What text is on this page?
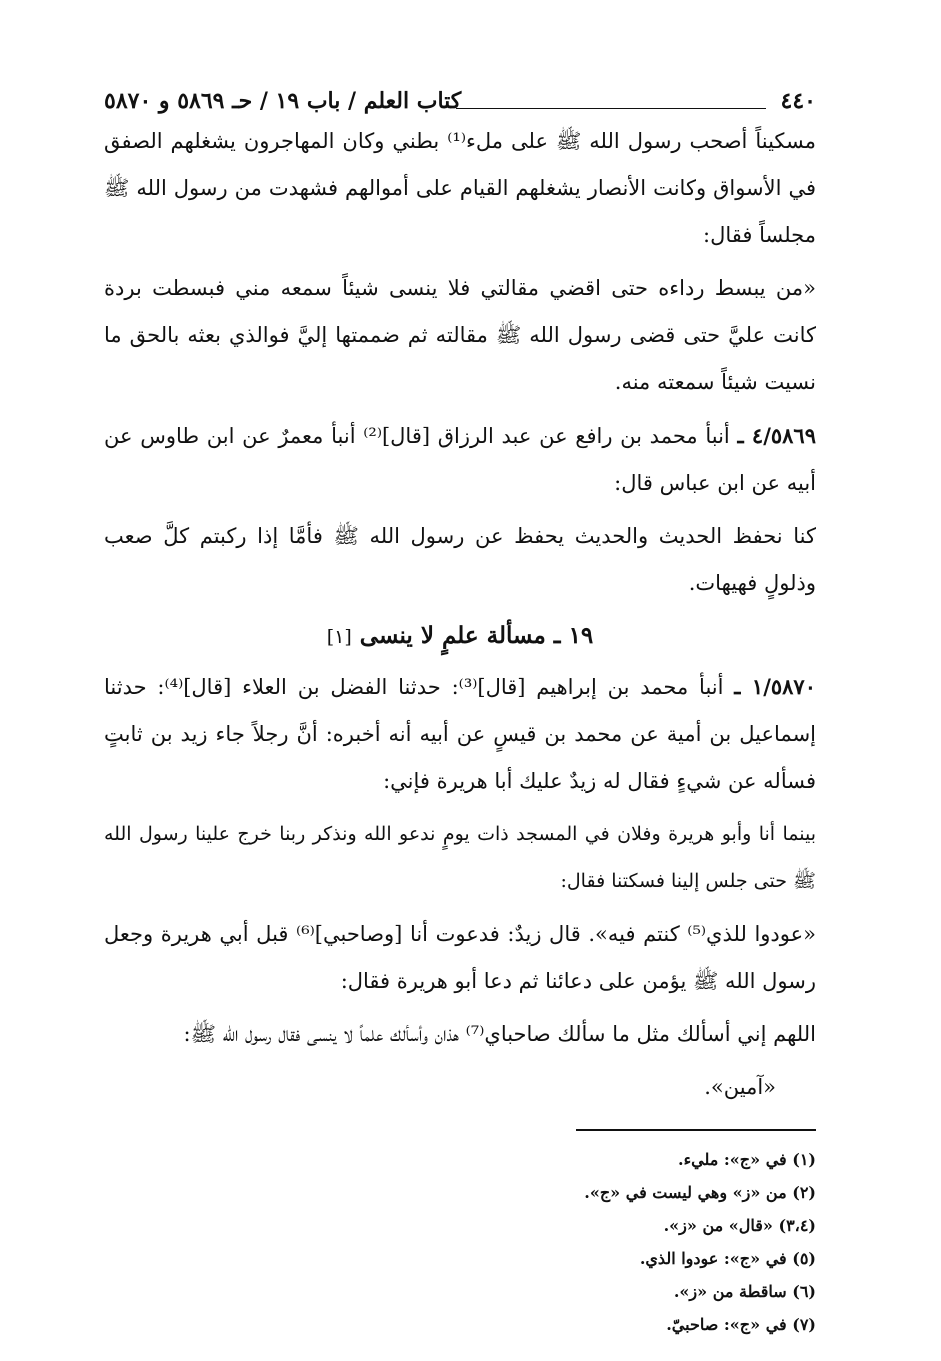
٤٤٠
كتاب العلم / باب ١٩ / حـ ٥٨٦٩ و ٥٨٧٠

مسكيناً أصحب رسول الله ﷺ على ملء⁽¹⁾ بطني وكان المهاجرون يشغلهم الصفق في الأسواق وكانت الأنصار يشغلهم القيام على أموالهم فشهدت من رسول الله ﷺ مجلساً فقال:

«من يبسط رداءه حتى اقضي مقالتي فلا ينسى شيئاً سمعه مني فبسطت بردة كانت عليَّ حتى قضى رسول الله ﷺ مقالته ثم ضممتها إليَّ فوالذي بعثه بالحق ما نسيت شيئاً سمعته منه.

٤/٥٨٦٩ ـ أنبأ محمد بن رافع عن عبد الرزاق [قال]⁽²⁾ أنبأ معمرٌ عن ابن طاوس عن أبيه عن ابن عباس قال:

كنا نحفظ الحديث والحديث يحفظ عن رسول الله ﷺ فأمَّا إذا ركبتم كلَّ صعب وذلولٍ فهيهات.

١٩ ـ مسألة علمٍ لا ينسى [١]

١/٥٨٧٠ ـ أنبأ محمد بن إبراهيم [قال]⁽³⁾: حدثنا الفضل بن العلاء [قال]⁽⁴⁾: حدثنا إسماعيل بن أمية عن محمد بن قيسٍ عن أبيه أنه أخبره: أنَّ رجلاً جاء زيد بن ثابتٍ فسأله عن شيءٍ فقال له زيدٌ عليك أبا هريرة فإني:

بينما أنا وأبو هريرة وفلان في المسجد ذات يومٍ ندعو الله ونذكر ربنا خرج علينا رسول الله ﷺ حتى جلس إلينا فسكتنا فقال:

«عودوا للذي⁽⁵⁾ كنتم فيه». قال زيدٌ: فدعوت أنا [وصاحبي]⁽⁶⁾ قبل أبي هريرة وجعل رسول الله ﷺ يؤمن على دعائنا ثم دعا أبو هريرة فقال:

اللهم إني أسألك مثل ما سألك صاحباي⁽⁷⁾ هذان وأسألك علماً لا ينسى فقال رسول الله ﷺ:

«آمين».

(١) في «ج»: مليء.
(٢) من «ز» وهي ليست في «ج».
(٣،٤) «قال» من «ز».
(٥) في «ج»: عودوا الذي.
(٦) ساقطة من «ز».
(٧) في «ج»: صاحبيّ.
